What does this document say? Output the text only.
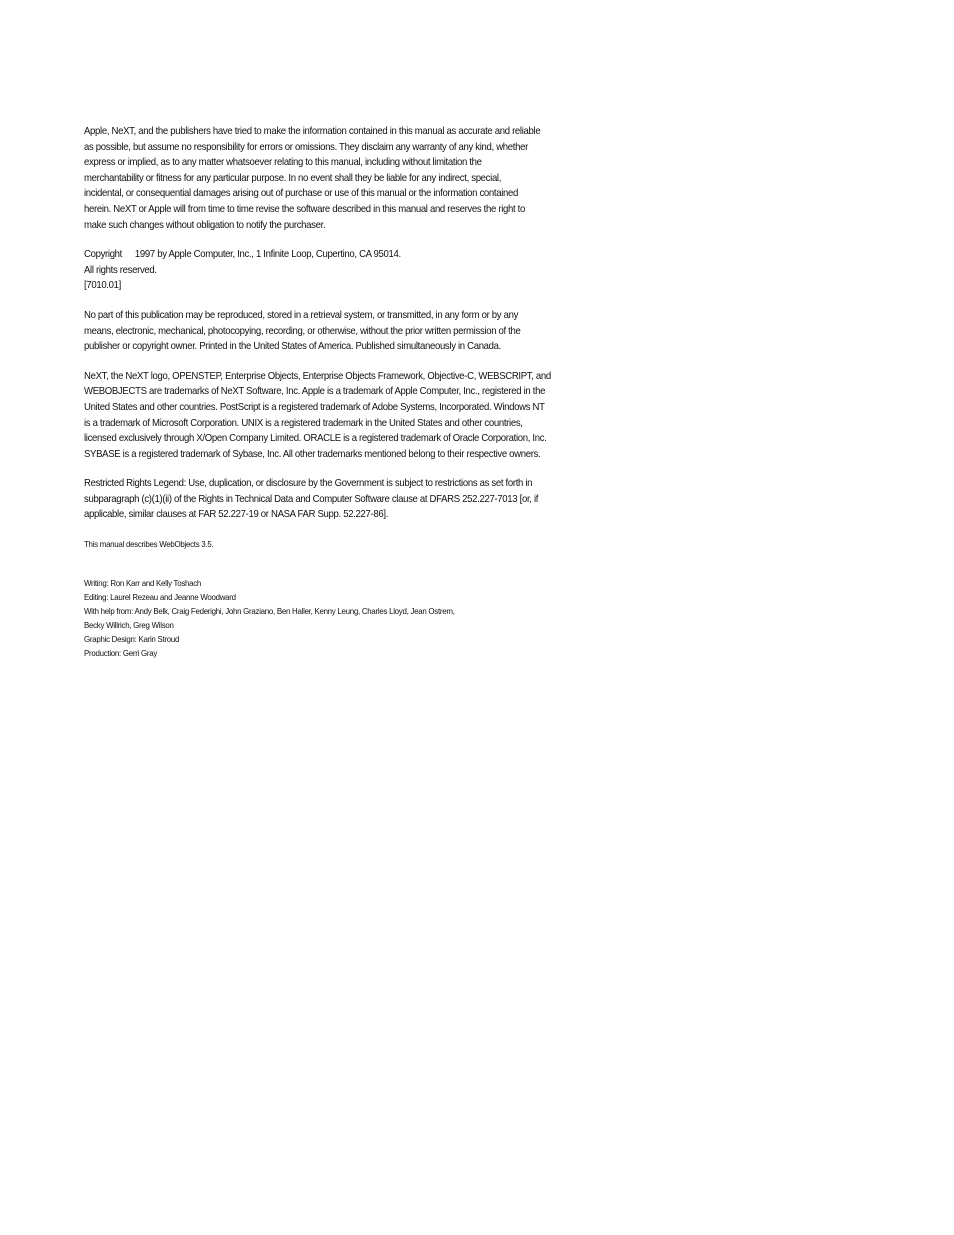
Apple, NeXT, and the publishers have tried to make the information contained in this manual as accurate and reliable
as possible, but assume no responsibility for errors or omissions. They disclaim any warranty of any kind, whether
express or implied, as to any matter whatsoever relating to this manual, including without limitation the
merchantability or fitness for any particular purpose. In no event shall they be liable for any indirect, special,
incidental, or consequential damages arising out of purchase or use of this manual or the information contained
herein. NeXT or Apple will from time to time revise the software described in this manual and reserves the right to
make such changes without obligation to notify the purchaser.

Copyright 1997 by Apple Computer, Inc., 1 Infinite Loop, Cupertino, CA 95014.
All rights reserved.
[7010.01]

No part of this publication may be reproduced, stored in a retrieval system, or transmitted, in any form or by any
means, electronic, mechanical, photocopying, recording, or otherwise, without the prior written permission of the
publisher or copyright owner. Printed in the United States of America. Published simultaneously in Canada.

NeXT, the NeXT logo, OPENSTEP, Enterprise Objects, Enterprise Objects Framework, Objective-C, WEBSCRIPT, and
WEBOBJECTS are trademarks of NeXT Software, Inc. Apple is a trademark of Apple Computer, Inc., registered in the
United States and other countries. PostScript is a registered trademark of Adobe Systems, Incorporated. Windows NT
is a trademark of Microsoft Corporation. UNIX is a registered trademark in the United States and other countries,
licensed exclusively through X/Open Company Limited. ORACLE is a registered trademark of Oracle Corporation, Inc.
SYBASE is a registered trademark of Sybase, Inc. All other trademarks mentioned belong to their respective owners.

Restricted Rights Legend: Use, duplication, or disclosure by the Government is subject to restrictions as set forth in
subparagraph (c)(1)(ii) of the Rights in Technical Data and Computer Software clause at DFARS 252.227-7013 [or, if
applicable, similar clauses at FAR 52.227-19 or NASA FAR Supp. 52.227-86].

This manual describes WebObjects 3.5.

Writing: Ron Karr and Kelly Toshach
Editing: Laurel Rezeau and Jeanne Woodward
With help from: Andy Belk, Craig Federighi, John Graziano, Ben Haller, Kenny Leung, Charles Lloyd, Jean Ostrem,
Becky Willrich, Greg Wilson
Graphic Design: Karin Stroud
Production: Gerri Gray
